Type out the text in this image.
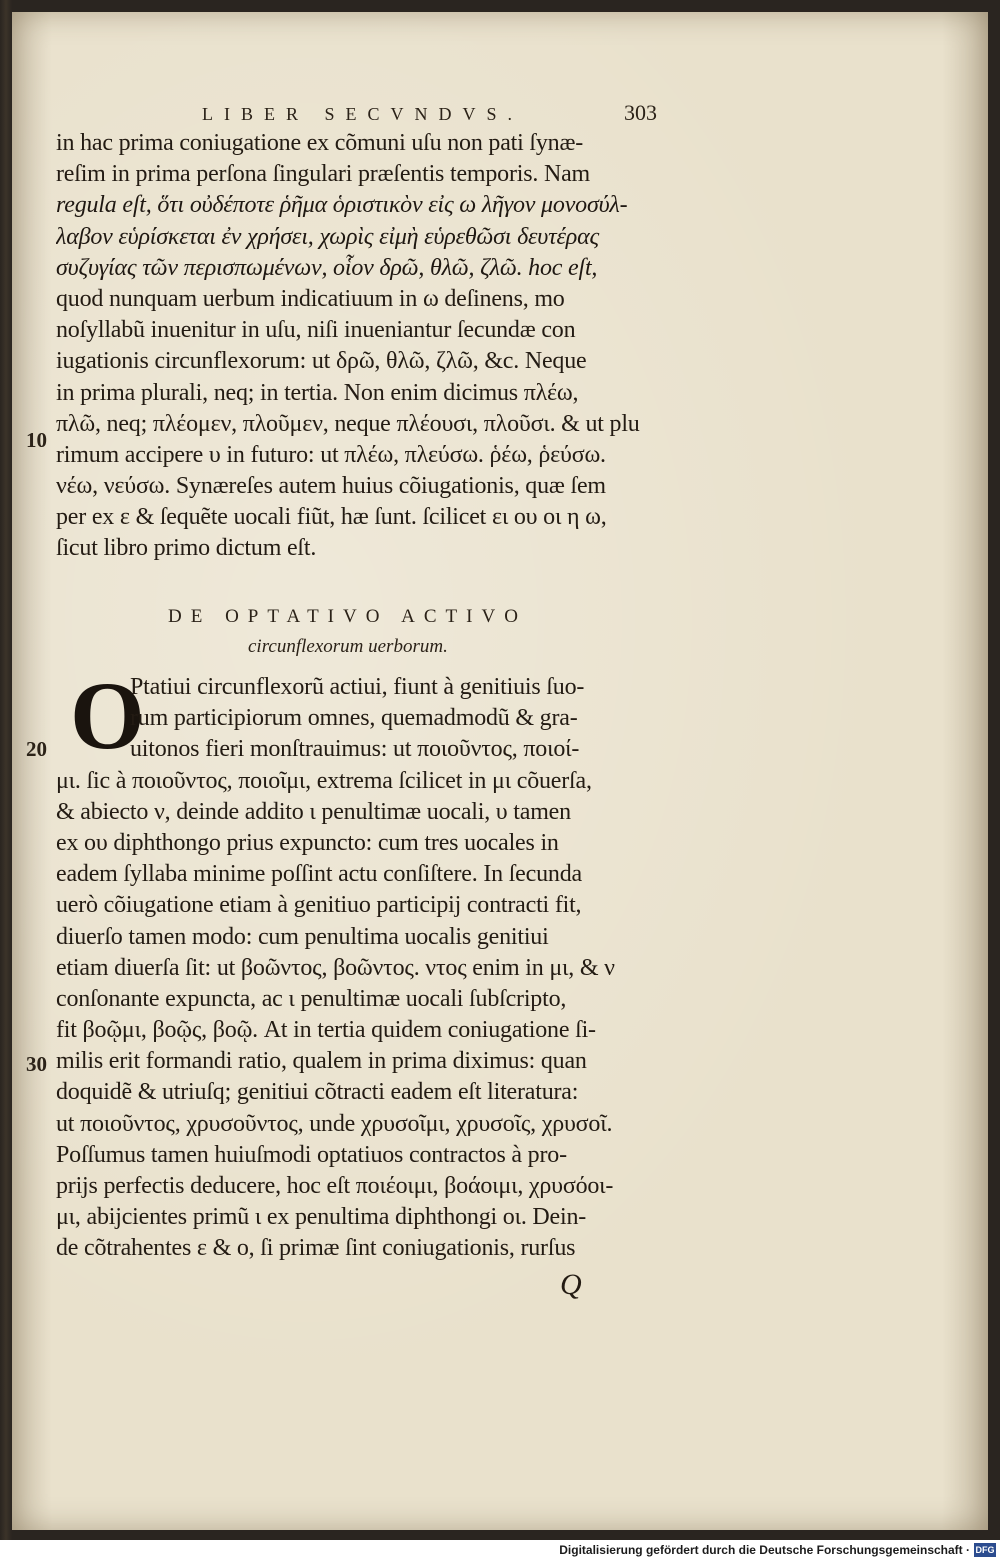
LIBER SECVNDVS.	303
in hac prima coniugatione ex cõmuni uſu non pati ſynæ-
reſim in prima perſona ſingulari præſentis temporis. Nam
regula eſt, ὅτι οὐδέποτε ῥῆμα ὁριστικὸν εἰς ω λῆγον μονοσύλ-
λαβον εὑρίσκεται ἐν χρήσει, χωρὶς εἰμὴ εὑρεθῶσι δευτέρας
συζυγίας τῶν περισπωμένων, οἷον δρῶ, θλῶ, ζλῶ. hoc eſt,
quod nunquam uerbum indicatiuum in ω deſinens, mo
noſyllabũ inuenitur in uſu, niſi inueniantur ſecundæ con
iugationis circunflexorum: ut δρῶ, θλῶ, ζλῶ, &c. Neque
in prima plurali, neq; in tertia. Non enim dicimus πλέω,
πλῶ, neq; πλέομεν, πλοῦμεν, neque πλέουσι, πλοῦσι. & ut plu
rimum accipere υ in futuro: ut πλέω, πλεύσω. ῥέω, ῥεύσω.
νέω, νεύσω. Synæreſes autem huius cõiugationis, quæ ſem
per ex ε & ſequẽte uocali fiũt, hæ ſunt. ſcilicet ει ου οι η ω,
ſicut libro primo dictum eſt.
10
20
30
DE OPTATIVO ACTIVO
circunflexorum uerborum.
O
Ptatiui circunflexorũ actiui, fiunt à genitiuis ſuo-
rum participiorum omnes, quemadmodũ & gra-
uitonos fieri monſtrauimus: ut ποιοῦντος, ποιοί-
μι. ſic à ποιοῦντος, ποιοῖμι, extrema ſcilicet in μι cõuerſa,
& abiecto ν, deinde addito ι penultimæ uocali, υ tamen
ex ου diphthongo prius expuncto: cum tres uocales in
eadem ſyllaba minime poſſint actu conſiſtere. In ſecunda
uerò cõiugatione etiam à genitiuo participij contracti fit,
diuerſo tamen modo: cum penultima uocalis genitiui
etiam diuerſa ſit: ut βοῶντος, βοῶντος. ντος enim in μι, & ν
conſonante expuncta, ac ι penultimæ uocali ſubſcripto,
fit βοῷμι, βοῷς, βοῷ. At in tertia quidem coniugatione ſi-
milis erit formandi ratio, qualem in prima diximus: quan
doquidẽ & utriuſq; genitiui cõtracti eadem eſt literatura:
ut ποιοῦντος, χρυσοῦντος, unde χρυσοῖμι, χρυσοῖς, χρυσοῖ.
Poſſumus tamen huiuſmodi optatiuos contractos à pro-
prijs perfectis deducere, hoc eſt ποιέοιμι, βοάοιμι, χρυσόοι-
μι, abijcientes primũ ι ex penultima diphthongi οι. Dein-
de cõtrahentes ε & ο, ſi primæ ſint coniugationis, rurſus
Q
Digitalisierung gefördert durch die Deutsche Forschungsgemeinschaft · DFG
